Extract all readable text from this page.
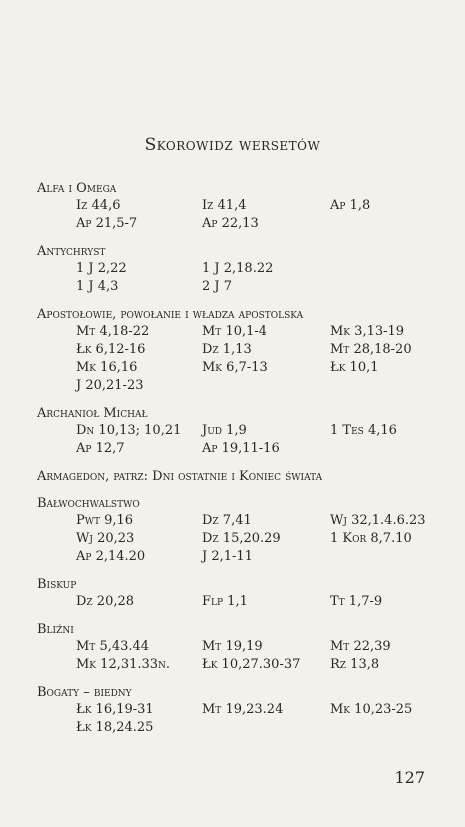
Skorowidz wersetów
Alfa i Omega
Iz 44,6	Iz 41,4	Ap 1,8
Ap 21,5-7	Ap 22,13
Antychryst
1 J 2,22	1 J 2,18.22
1 J 4,3	2 J 7
Apostołowie, powołanie i władza apostolska
Mt 4,18-22	Mt 10,1-4	Mk 3,13-19
Łk 6,12-16	Dz 1,13	Mt 28,18-20
Mk 16,16	Mk 6,7-13	Łk 10,1
J 20,21-23
Archanioł Michał
Dn 10,13; 10,21	Jud 1,9	1 Tes 4,16
Ap 12,7	Ap 19,11-16
Armagedon, patrz: Dni ostatnie i Koniec świata
Bałwochwalstwo
Pwt 9,16	Dz 7,41	Wj 32,1.4.6.23
Wj 20,23	Dz 15,20.29	1 Kor 8,7.10
Ap 2,14.20	J 2,1-11
Biskup
Dz 20,28	Flp 1,1	Tt 1,7-9
Bliźni
Mt 5,43.44	Mt 19,19	Mt 22,39
Mk 12,31.33n.	Łk 10,27.30-37	Rz 13,8
Bogaty – biedny
Łk 16,19-31	Mt 19,23.24	Mk 10,23-25
Łk 18,24.25
127
